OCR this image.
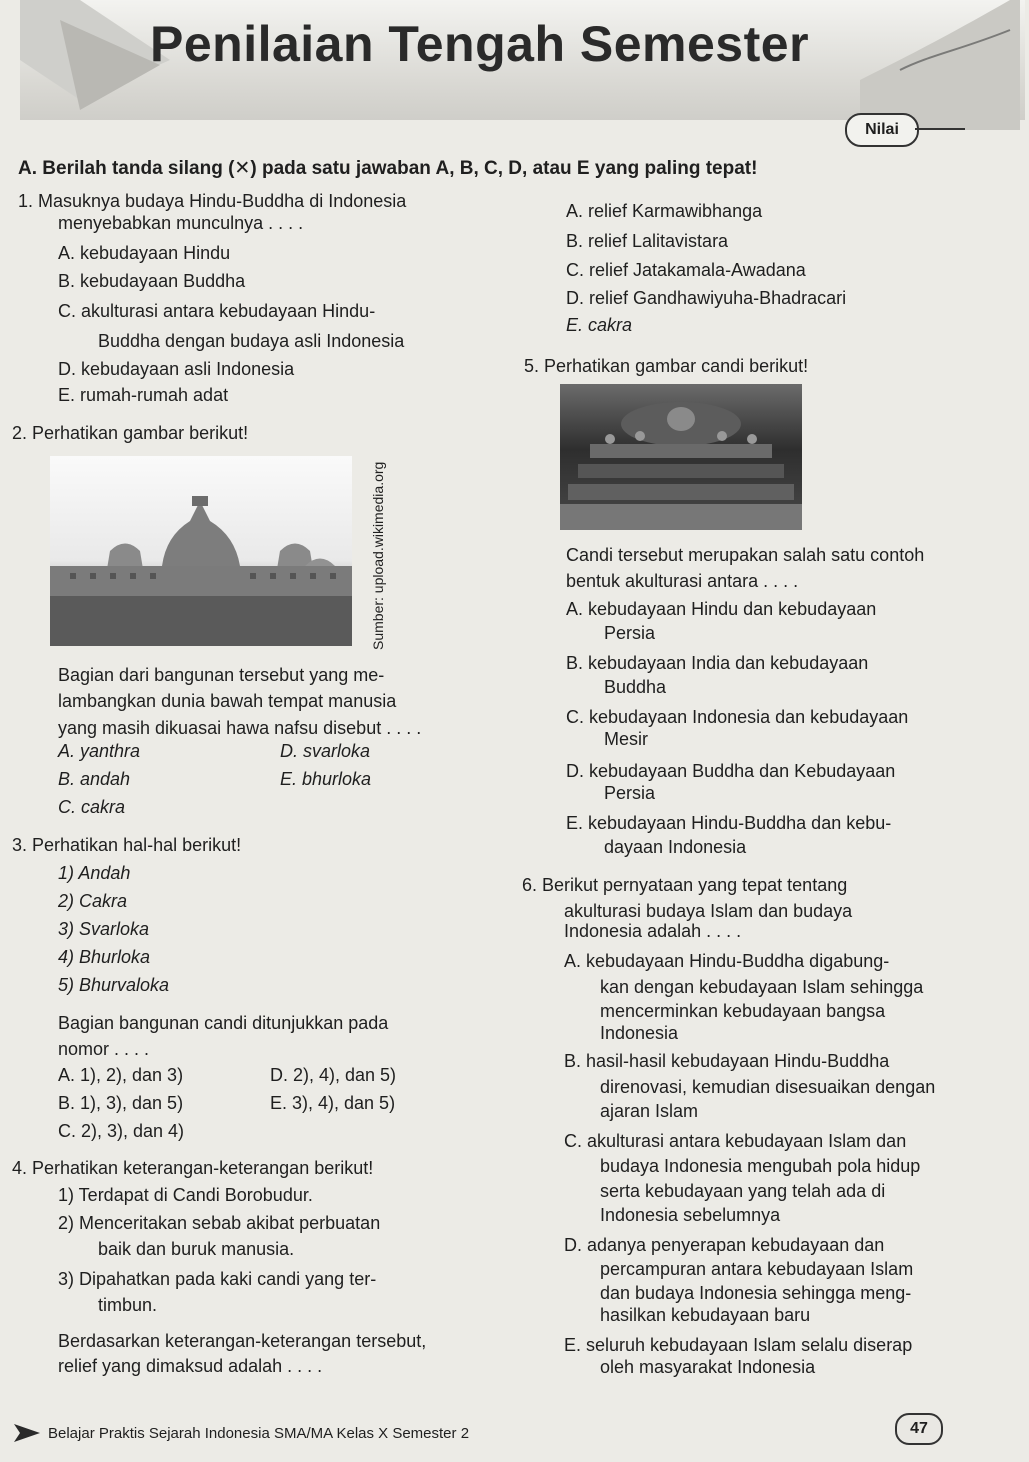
Penilaian Tengah Semester
Nilai
A. Berilah tanda silang (✕) pada satu jawaban A, B, C, D, atau E yang paling tepat!
1. Masuknya budaya Hindu-Buddha di Indonesia
menyebabkan munculnya . . . .
A. kebudayaan Hindu
B. kebudayaan Buddha
C. akulturasi antara kebudayaan Hindu-
Buddha dengan budaya asli Indonesia
D. kebudayaan asli Indonesia
E. rumah-rumah adat
2. Perhatikan gambar berikut!
Sumber: upload.wikimedia.org
Bagian dari bangunan tersebut yang me-
lambangkan dunia bawah tempat manusia
yang masih dikuasai hawa nafsu disebut . . . .
A. yanthra
B. andah
C. cakra
D. svarloka
E. bhurloka
3. Perhatikan hal-hal berikut!
1) Andah
2) Cakra
3) Svarloka
4) Bhurloka
5) Bhurvaloka
Bagian bangunan candi ditunjukkan pada
nomor . . . .
A. 1), 2), dan 3)
B. 1), 3), dan 5)
C. 2), 3), dan 4)
D. 2), 4), dan 5)
E. 3), 4), dan 5)
4. Perhatikan keterangan-keterangan berikut!
1) Terdapat di Candi Borobudur.
2) Menceritakan sebab akibat perbuatan
baik dan buruk manusia.
3) Dipahatkan pada kaki candi yang ter-
timbun.
Berdasarkan keterangan-keterangan tersebut,
relief yang dimaksud adalah . . . .
A. relief Karmawibhanga
B. relief Lalitavistara
C. relief Jatakamala-Awadana
D. relief Gandhawiyuha-Bhadracari
E. cakra
5. Perhatikan gambar candi berikut!
Candi tersebut merupakan salah satu contoh
bentuk akulturasi antara . . . .
A. kebudayaan Hindu dan kebudayaan
Persia
B. kebudayaan India dan kebudayaan
Buddha
C. kebudayaan Indonesia dan kebudayaan
Mesir
D. kebudayaan Buddha dan Kebudayaan
Persia
E. kebudayaan Hindu-Buddha dan kebu-
dayaan Indonesia
6. Berikut pernyataan yang tepat tentang
akulturasi budaya Islam dan budaya
Indonesia adalah . . . .
A. kebudayaan Hindu-Buddha digabung-
kan dengan kebudayaan Islam sehingga
mencerminkan kebudayaan bangsa
Indonesia
B. hasil-hasil kebudayaan Hindu-Buddha
direnovasi, kemudian disesuaikan dengan
ajaran Islam
C. akulturasi antara kebudayaan Islam dan
budaya Indonesia mengubah pola hidup
serta kebudayaan yang telah ada di
Indonesia sebelumnya
D. adanya penyerapan kebudayaan dan
percampuran antara kebudayaan Islam
dan budaya Indonesia sehingga meng-
hasilkan kebudayaan baru
E. seluruh kebudayaan Islam selalu diserap
oleh masyarakat Indonesia
Belajar Praktis Sejarah Indonesia SMA/MA Kelas X Semester 2	47
